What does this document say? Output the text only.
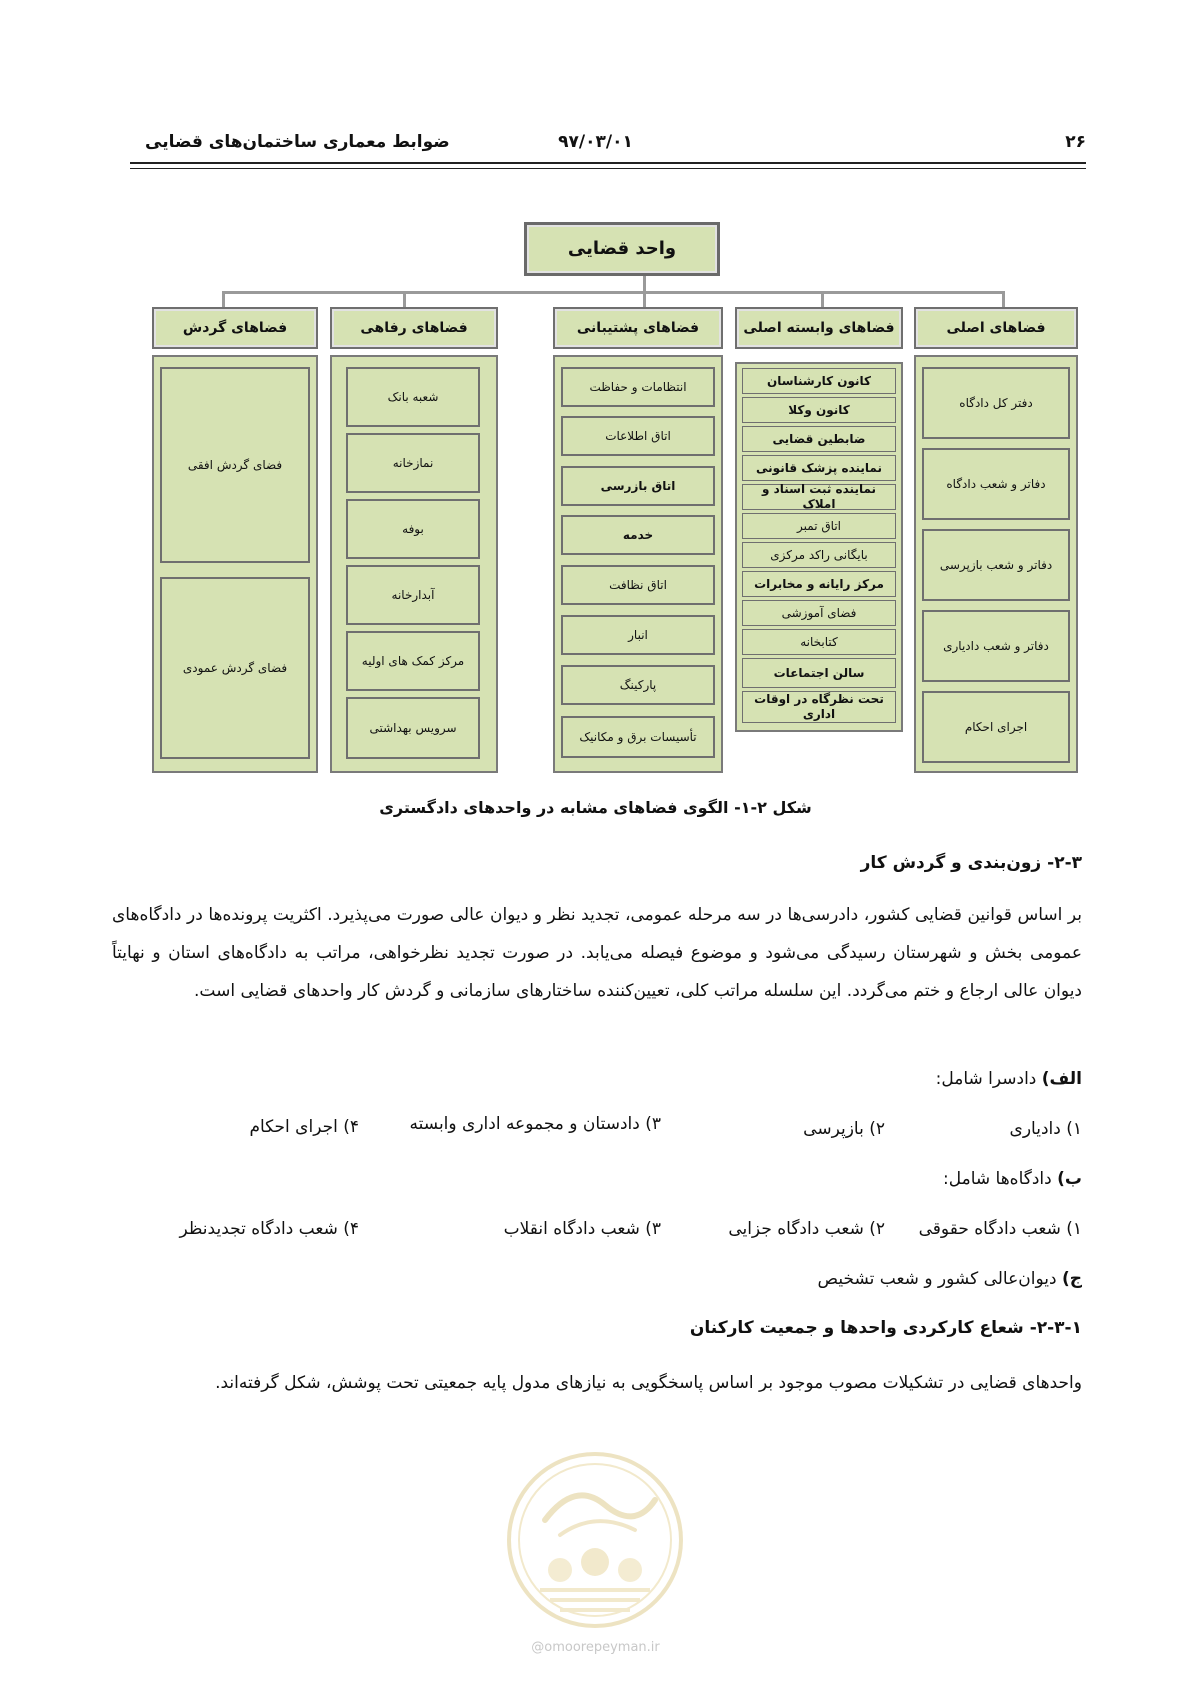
۲۶
۹۷/۰۳/۰۱
ضوابط معماری ساختمان‌های قضایی
واحد قضایی
فضاهای اصلی
دفتر کل دادگاه
دفاتر و شعب دادگاه
دفاتر و شعب بازپرسی
دفاتر و شعب دادیاری
اجرای احکام
فضاهای وابسته اصلی
کانون کارشناسان
کانون وکلا
ضابطین قضایی
نماینده پزشک قانونی
نماینده ثبت اسناد و املاک
اتاق تمبر
بایگانی راکد مرکزی
مرکز رایانه و مخابرات
فضای آموزشی
کتابخانه
سالن اجتماعات
تحت نظرگاه در اوقات اداری
فضاهای پشتیبانی
انتظامات و حفاظت
اتاق اطلاعات
اتاق بازرسی
خدمه
اتاق نظافت
انبار
پارکینگ
تأسیسات برق و مکانیک
فضاهای رفاهی
شعبه بانک
نمازخانه
بوفه
آبدارخانه
مرکز کمک های اولیه
سرویس بهداشتی
فضاهای گردش
فضای گردش افقی
فضای گردش عمودی
شکل ۲-۱- الگوی فضاهای مشابه در واحدهای دادگستری
۲-۳- زون‌بندی و گردش کار
بر اساس قوانین قضایی کشور، دادرسی‌ها در سه مرحله عمومی، تجدید نظر و دیوان عالی صورت می‌پذیرد. اکثریت پرونده‌ها در دادگاه‌های عمومی بخش و شهرستان رسیدگی می‌شود و موضوع فیصله می‌یابد. در صورت تجدید نظرخواهی، مراتب به دادگاه‌های استان و نهایتاً دیوان عالی ارجاع و ختم می‌گردد. این سلسله مراتب کلی، تعیین‌کننده ساختارهای سازمانی و گردش کار واحدهای قضایی است.
الف) دادسرا شامل:
۱) دادیاری
۲) بازپرسی
۳) دادستان و مجموعه اداری وابسته
۴) اجرای احکام
ب) دادگاه‌ها شامل:
۱) شعب دادگاه حقوقی
۲) شعب دادگاه جزایی
۳) شعب دادگاه انقلاب
۴) شعب دادگاه تجدیدنظر
ج) دیوان‌عالی کشور و شعب تشخیص
۲-۳-۱- شعاع کارکردی واحدها و جمعیت کارکنان
واحدهای قضایی در تشکیلات مصوب موجود بر اساس پاسخگویی به نیازهای مدول پایه جمعیتی تحت پوشش، شکل گرفته‌اند.
@omoorepeyman.ir
